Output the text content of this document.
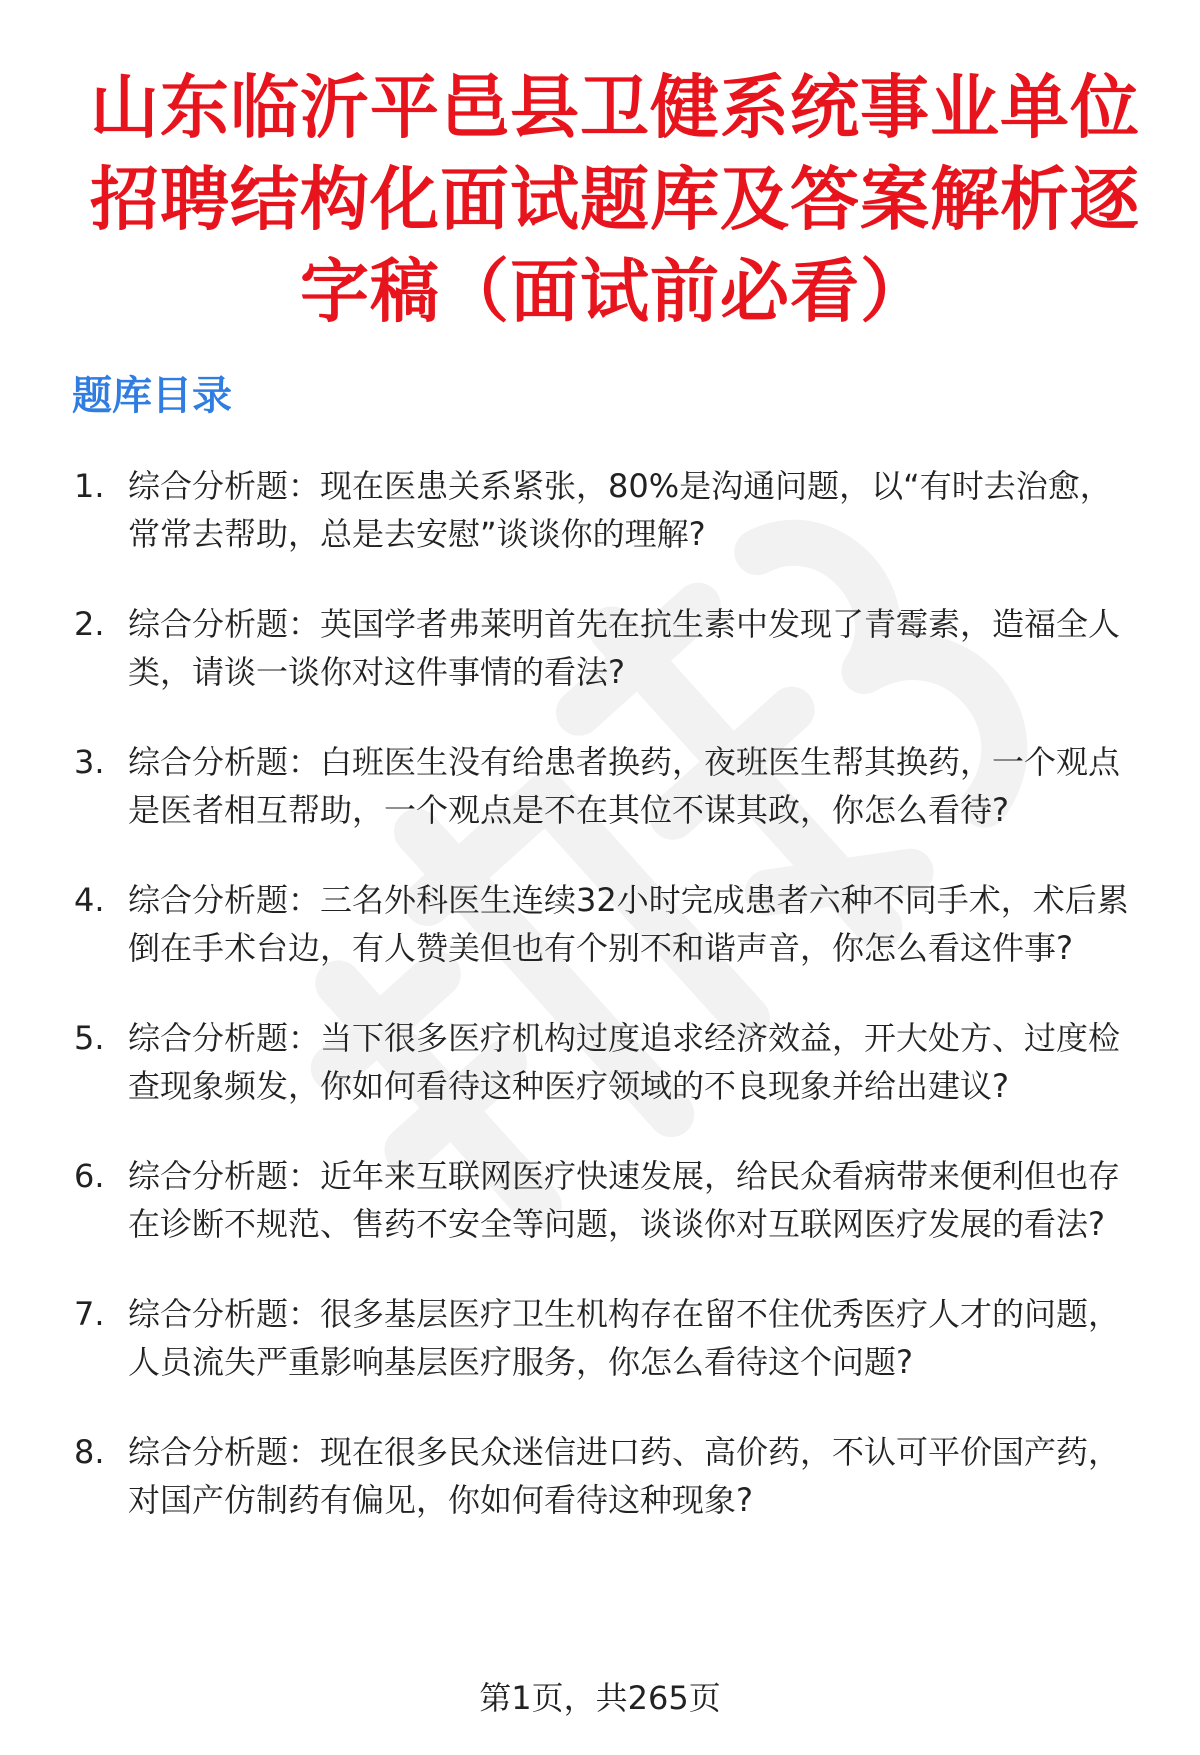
山东临沂平邑县卫健系统事业单位招聘结构化面试题库及答案解析逐字稿（面试前必看）
题库目录
1. 综合分析题：现在医患关系紧张，80%是沟通问题，以“有时去治愈，常常去帮助，总是去安慰”谈谈你的理解?
2. 综合分析题：英国学者弗莱明首先在抗生素中发现了青霉素，造福全人类，请谈一谈你对这件事情的看法?
3. 综合分析题：白班医生没有给患者换药，夜班医生帮其换药，一个观点是医者相互帮助，一个观点是不在其位不谋其政，你怎么看待?
4. 综合分析题：三名外科医生连续32小时完成患者六种不同手术，术后累倒在手术台边，有人赞美但也有个别不和谐声音，你怎么看这件事?
5. 综合分析题：当下很多医疗机构过度追求经济效益，开大处方、过度检查现象频发，你如何看待这种医疗领域的不良现象并给出建议?
6. 综合分析题：近年来互联网医疗快速发展，给民众看病带来便利但也存在诊断不规范、售药不安全等问题，谈谈你对互联网医疗发展的看法?
7. 综合分析题：很多基层医疗卫生机构存在留不住优秀医疗人才的问题，人员流失严重影响基层医疗服务，你怎么看待这个问题?
8. 综合分析题：现在很多民众迷信进口药、高价药，不认可平价国产药，对国产仿制药有偏见，你如何看待这种现象?
第1页，共265页
